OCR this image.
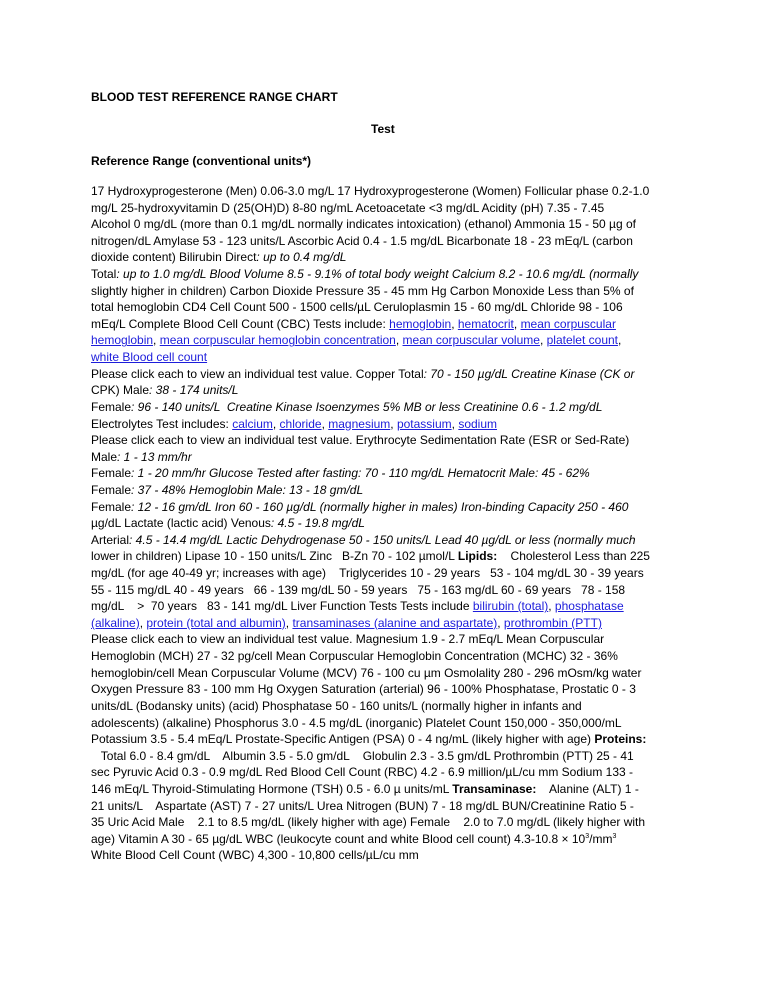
BLOOD TEST REFERENCE RANGE CHART
Test
Reference Range (conventional units*)
17 Hydroxyprogesterone (Men) 0.06-3.0 mg/L 17 Hydroxyprogesterone (Women) Follicular phase 0.2-1.0
mg/L 25-hydroxyvitamin D (25(OH)D) 8-80 ng/mL Acetoacetate <3 mg/dL Acidity (pH) 7.35 - 7.45
Alcohol 0 mg/dL (more than 0.1 mg/dL normally indicates intoxication) (ethanol) Ammonia 15 - 50 µg of
nitrogen/dL Amylase 53 - 123 units/L Ascorbic Acid 0.4 - 1.5 mg/dL Bicarbonate 18 - 23 mEq/L (carbon
dioxide content) Bilirubin Direct: up to 0.4 mg/dL
Total: up to 1.0 mg/dL Blood Volume 8.5 - 9.1% of total body weight Calcium 8.2 - 10.6 mg/dL (normally
slightly higher in children) Carbon Dioxide Pressure 35 - 45 mm Hg Carbon Monoxide Less than 5% of
total hemoglobin CD4 Cell Count 500 - 1500 cells/µL Ceruloplasmin 15 - 60 mg/dL Chloride 98 - 106
mEq/L Complete Blood Cell Count (CBC) Tests include: hemoglobin, hematocrit, mean corpuscular
hemoglobin, mean corpuscular hemoglobin concentration, mean corpuscular volume, platelet count,
white Blood cell count
Please click each to view an individual test value. Copper Total: 70 - 150 µg/dL Creatine Kinase (CK or
CPK) Male: 38 - 174 units/L
Female: 96 - 140 units/L  Creatine Kinase Isoenzymes 5% MB or less Creatinine 0.6 - 1.2 mg/dL
Electrolytes Test includes: calcium, chloride, magnesium, potassium, sodium
Please click each to view an individual test value. Erythrocyte Sedimentation Rate (ESR or Sed-Rate)
Male: 1 - 13 mm/hr
Female: 1 - 20 mm/hr Glucose Tested after fasting: 70 - 110 mg/dL Hematocrit Male: 45 - 62%
Female: 37 - 48% Hemoglobin Male: 13 - 18 gm/dL
Female: 12 - 16 gm/dL Iron 60 - 160 µg/dL (normally higher in males) Iron-binding Capacity 250 - 460
µg/dL Lactate (lactic acid) Venous: 4.5 - 19.8 mg/dL
Arterial: 4.5 - 14.4 mg/dL Lactic Dehydrogenase 50 - 150 units/L Lead 40 µg/dL or less (normally much
lower in children) Lipase 10 - 150 units/L Zinc   B-Zn 70 - 102 µmol/L Lipids:    Cholesterol Less than 225
mg/dL (for age 40-49 yr; increases with age)    Triglycerides 10 - 29 years   53 - 104 mg/dL 30 - 39 years
55 - 115 mg/dL 40 - 49 years   66 - 139 mg/dL 50 - 59 years   75 - 163 mg/dL 60 - 69 years   78 - 158
mg/dL    >  70 years   83 - 141 mg/dL Liver Function Tests Tests include bilirubin (total), phosphatase
(alkaline), protein (total and albumin), transaminases (alanine and aspartate), prothrombin (PTT)
Please click each to view an individual test value. Magnesium 1.9 - 2.7 mEq/L Mean Corpuscular
Hemoglobin (MCH) 27 - 32 pg/cell Mean Corpuscular Hemoglobin Concentration (MCHC) 32 - 36%
hemoglobin/cell Mean Corpuscular Volume (MCV) 76 - 100 cu µm Osmolality 280 - 296 mOsm/kg water
Oxygen Pressure 83 - 100 mm Hg Oxygen Saturation (arterial) 96 - 100% Phosphatase, Prostatic 0 - 3
units/dL (Bodansky units) (acid) Phosphatase 50 - 160 units/L (normally higher in infants and
adolescents) (alkaline) Phosphorus 3.0 - 4.5 mg/dL (inorganic) Platelet Count 150,000 - 350,000/mL
Potassium 3.5 - 5.4 mEq/L Prostate-Specific Antigen (PSA) 0 - 4 ng/mL (likely higher with age) Proteins:
Total 6.0 - 8.4 gm/dL    Albumin 3.5 - 5.0 gm/dL    Globulin 2.3 - 3.5 gm/dL Prothrombin (PTT) 25 - 41
sec Pyruvic Acid 0.3 - 0.9 mg/dL Red Blood Cell Count (RBC) 4.2 - 6.9 million/µL/cu mm Sodium 133 -
146 mEq/L Thyroid-Stimulating Hormone (TSH) 0.5 - 6.0 µ units/mL Transaminase:    Alanine (ALT) 1 -
21 units/L    Aspartate (AST) 7 - 27 units/L Urea Nitrogen (BUN) 7 - 18 mg/dL BUN/Creatinine Ratio 5 -
35 Uric Acid Male    2.1 to 8.5 mg/dL (likely higher with age) Female    2.0 to 7.0 mg/dL (likely higher with
age) Vitamin A 30 - 65 µg/dL WBC (leukocyte count and white Blood cell count) $4.3-10.8 \times 10^3/mm^3$
White Blood Cell Count (WBC) 4,300 - 10,800 cells/µL/cu mm
